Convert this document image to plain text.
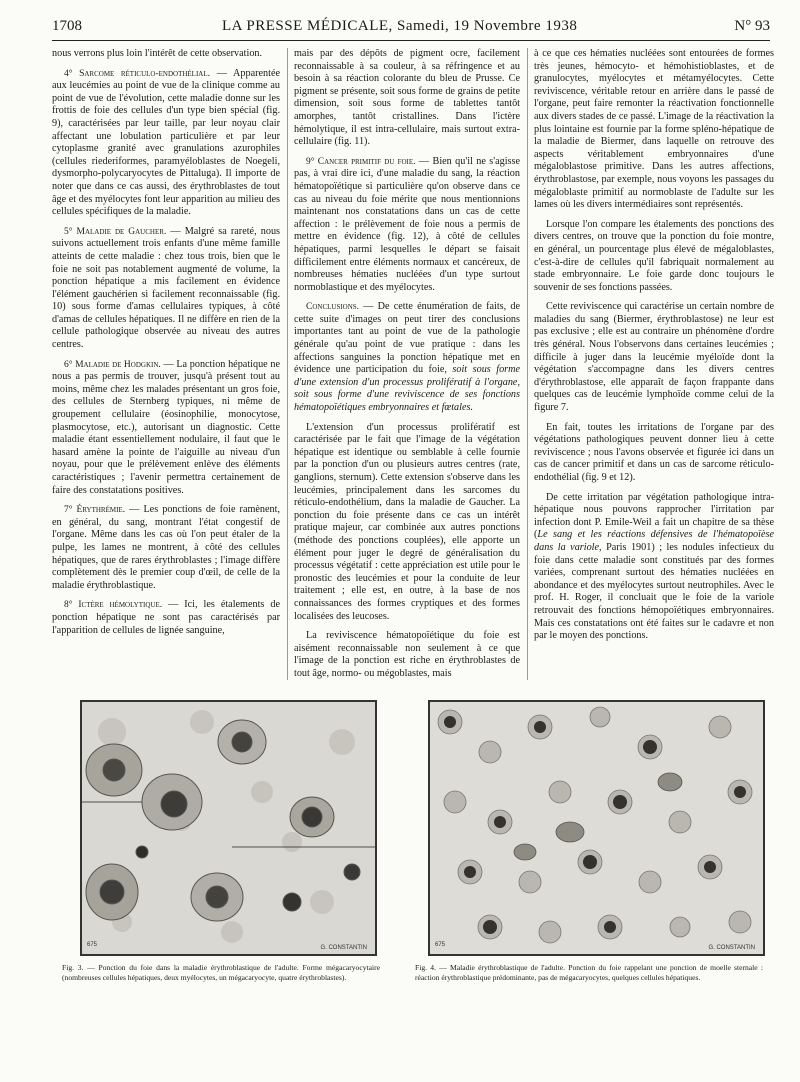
1708	LA PRESSE MÉDICALE, Samedi, 19 Novembre 1938	N° 93

nous verrons plus loin l'intérêt de cette observation.

4° Sarcome réticulo-endothélial. — Apparentée aux leucémies au point de vue de la clinique comme au point de vue de l'évolution, cette maladie donne sur les frottis de foie des cellules d'un type bien spécial (fig. 9), caractérisées par leur taille, par leur noyau clair affectant une lobulation particulière et par leur cytoplasme granité avec granulations azurophiles (cellules riederiformes, paramyéloblastes de Noegeli, dysmorpho-polycaryocytes de Pittaluga). Il importe de noter que dans ce cas aussi, des érythroblastes de tout âge et des myélocytes font leur apparition au milieu des cellules spécifiques de la maladie.

5° Maladie de Gaucher. — Malgré sa rareté, nous suivons actuellement trois enfants d'une même famille atteints de cette maladie : chez tous trois, bien que le foie ne soit pas notablement augmenté de volume, la ponction hépatique a mis facilement en évidence l'élément gauchérien si facilement reconnaissable (fig. 10) sous forme d'amas cellulaires typiques, à côté d'amas de cellules hépatiques. Il ne diffère en rien de la cellule pathologique observée au niveau des autres centres.

6° Maladie de Hodgkin. — La ponction hépatique ne nous a pas permis de trouver, jusqu'à présent tout au moins, même chez les malades présentant un gros foie, des cellules de Sternberg typiques, ni même de groupement cellulaire (éosinophilie, monocytose, plasmocytose, etc.), autorisant un diagnostic. Cette maladie étant essentiellement nodulaire, il faut que le hasard amène la pointe de l'aiguille au niveau d'un noyau, pour que le prélèvement enlève des éléments caractéristiques ; l'avenir permettra certainement de faire des constatations positives.

7° Érythrémie. — Les ponctions de foie ramènent, en général, du sang, montrant l'état congestif de l'organe. Même dans les cas où l'on peut étaler de la pulpe, les lames ne montrent, à côté des cellules hépatiques, que de rares érythroblastes ; l'image diffère complètement dès le premier coup d'œil, de celle de la maladie érythroblastique.

8° Ictère hémolytique. — Ici, les étalements de ponction hépatique ne sont pas caractérisés par l'apparition de cellules de lignée sanguine,

mais par des dépôts de pigment ocre, facilement reconnaissable à sa couleur, à sa réfringence et au besoin à sa réaction colorante du bleu de Prusse. Ce pigment se présente, soit sous forme de grains de petite dimension, soit sous forme de tablettes tantôt amorphes, tantôt cristallines. Dans l'ictère hémolytique, il est intra-cellulaire, mais surtout extra-cellulaire (fig. 11).

9° Cancer primitif du foie. — Bien qu'il ne s'agisse pas, à vrai dire ici, d'une maladie du sang, la réaction hématopoïétique si particulière qu'on observe dans ce cas au niveau du foie mérite que nous mentionnions maintenant nos constatations dans un cas de cette affection : le prélèvement de foie nous a permis de mettre en évidence (fig. 12), à côté de cellules hépatiques, parmi lesquelles le départ se faisait difficilement entre éléments normaux et cancéreux, de nombreuses hématies nucléées d'un type surtout normoblastique et des myélocytes.

Conclusions. — De cette énumération de faits, de cette suite d'images on peut tirer des conclusions importantes tant au point de vue de la pathologie générale qu'au point de vue pratique : dans les affections sanguines la ponction hépatique met en évidence une participation du foie, soit sous forme d'une extension d'un processus prolifératif à l'organe, soit sous forme d'une reviviscence de ses fonctions hématopoïétiques embryonnaires et fœtales.

L'extension d'un processus prolifératif est caractérisée par le fait que l'image de la végétation hépatique est identique ou semblable à celle fournie par la ponction d'un ou plusieurs autres centres (rate, ganglions, sternum). Cette extension s'observe dans les leucémies, principalement dans les sarcomes du réticulo-endothélium, dans la maladie de Gaucher. La ponction du foie présente dans ce cas un intérêt pratique majeur, car combinée aux autres ponctions (méthode des ponctions couplées), elle apporte un élément pour juger le degré de généralisation du processus végétatif : cette appréciation est utile pour le pronostic des leucémies et pour la conduite de leur traitement ; elle est, en outre, à la base de nos connaissances des formes cryptiques et des formes localisées des leucoses.

La reviviscence hématopoïétique du foie est aisément reconnaissable non seulement à ce que l'image de la ponction est riche en érythroblastes de tout âge, normo- ou mégoblastes, mais

à ce que ces hématies nucléées sont entourées de formes très jeunes, hémocyto- et hémohistioblastes, et de granulocytes, myélocytes et métamyélocytes. Cette reviviscence, véritable retour en arrière dans le passé de l'organe, peut faire remonter la réactivation fonctionnelle aux divers stades de ce passé. L'image de la réactivation la plus lointaine est fournie par la forme spléno-hépatique de la maladie de Biermer, dans laquelle on retrouve des aspects véritablement embryonnaires d'une mégaloblastose primitive. Dans les autres affections, érythroblastose, par exemple, nous voyons les passages du mégaloblaste primitif au normoblaste de l'adulte sur les lames où les divers intermédiaires sont représentés.

Lorsque l'on compare les étalements des ponctions des divers centres, on trouve que la ponction du foie montre, en général, un pourcentage plus élevé de mégaloblastes, c'est-à-dire de cellules qu'il fabriquait normalement au stade embryonnaire. Le foie garde donc toujours le souvenir de ses fonctions passées.

Cette reviviscence qui caractérise un certain nombre de maladies du sang (Biermer, érythroblastose) ne leur est pas exclusive ; elle est au contraire un phénomène d'ordre très général. Nous l'observons dans certaines leucémies ; difficile à juger dans la leucémie myéloïde dont la végétation s'accompagne dans les divers centres d'érythroblastose, elle apparaît de façon frappante dans quelques cas de leucémie lymphoïde comme celui de la figure 7.

En fait, toutes les irritations de l'organe par des végétations pathologiques peuvent donner lieu à cette reviviscence ; nous l'avons observée et figurée ici dans un cas de cancer primitif et dans un cas de sarcome réticulo-endothélial (fig. 9 et 12).

De cette irritation par végétation pathologique intra-hépatique nous pouvons rapprocher l'irritation par infection dont P. Emile-Weil a fait un chapitre de sa thèse (Le sang et les réactions défensives de l'hématopoïèse dans la variole, Paris 1901) ; les nodules infectieux du foie dans cette maladie sont constitués par des formes variées, comprenant surtout des hématies nucléées en abondance et des myélocytes surtout neutrophiles. Avec le prof. H. Roger, il concluait que le foie de la variole retrouvait des fonctions hémopoïétiques embryonnaires. Mais ces constatations ont été faites sur le cadavre et non par le moyen des ponctions.

675	G. CONSTANTIN	675	G. CONSTANTIN
Fig. 3. — Ponction du foie dans la maladie érythroblastique de l'adulte. Forme mégacaryocytaire (nombreuses cellules hépatiques, deux myélocytes, un mégacaryocyte, quatre érythroblastes).
Fig. 4. — Maladie érythroblastique de l'adulte. Ponction du foie rappelant une ponction de moelle sternale : réaction érythroblastique prédominante, pas de mégacaryocytes, quelques cellules hépatiques.
